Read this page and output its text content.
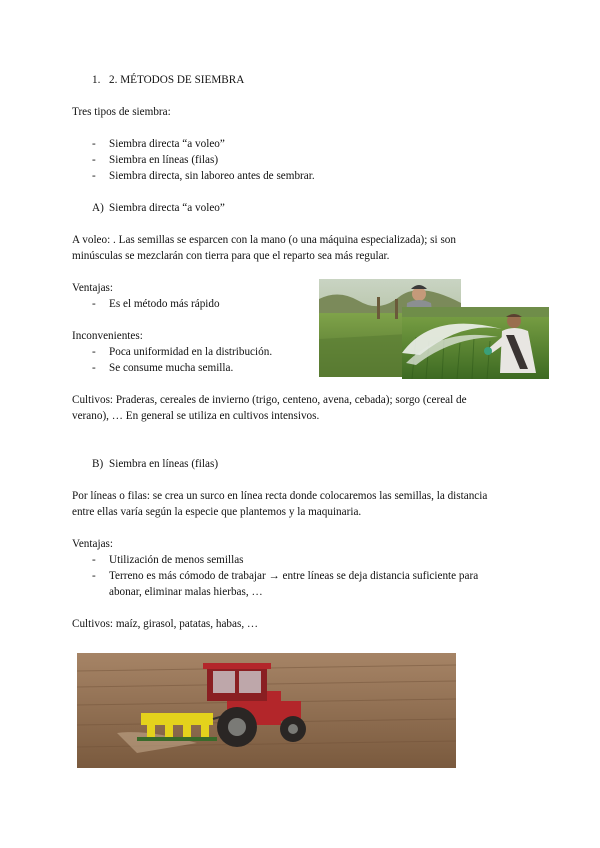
1. 2. MÉTODOS DE SIEMBRA
Tres tipos de siembra:
- Siembra directa “a voleo”
- Siembra en líneas (filas)
- Siembra directa, sin laboreo antes de sembrar.
A) Siembra directa “a voleo”
A voleo: . Las semillas se esparcen con la mano (o una máquina especializada); si son
minúsculas se mezclarán con tierra para que el reparto sea más regular.
Ventajas:
- Es el método más rápido
Inconvenientes:
- Poca uniformidad en la distribución.
- Se consume mucha semilla.
Cultivos: Praderas, cereales de invierno (trigo, centeno, avena, cebada); sorgo (cereal de
verano), … En general se utiliza en cultivos intensivos.
B) Siembra en líneas (filas)
Por líneas o filas: se crea un surco en línea recta donde colocaremos las semillas, la distancia
entre ellas varía según la especie que plantemos y la maquinaria.
Ventajas:
- Utilización de menos semillas
- Terreno es más cómodo de trabajar → entre líneas se deja distancia suficiente para
abonar, eliminar malas hierbas, …
Cultivos: maíz, girasol, patatas, habas, …
